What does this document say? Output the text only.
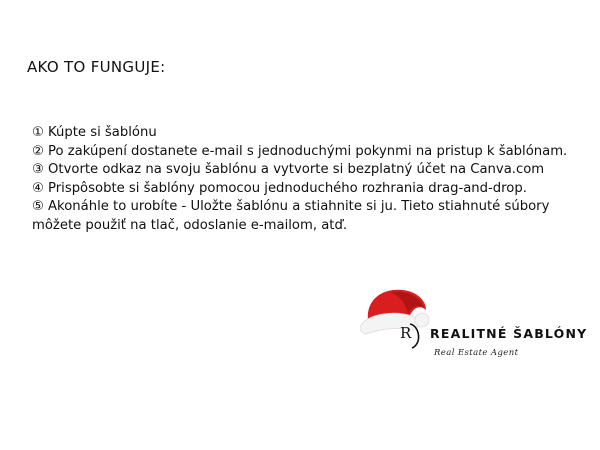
AKO TO FUNGUJE:
① Kúpte si šablónu
② Po zakúpení dostanete e-mail s jednoduchými pokynmi na pristup k šablónam.
③ Otvorte odkaz na svoju šablónu a vytvorte si bezplatný účet na Canva.com
④ Prispôsobte si šablóny pomocou jednoduchého rozhrania drag-and-drop.
⑤ Akonáhle to urobíte - Uložte šablónu a stiahnite si ju. Tieto stiahnuté súbory môžete použiť na tlač, odoslanie e-mailom, atď.
R REALITNÉ ŠABLÓNY
Real Estate Agent
